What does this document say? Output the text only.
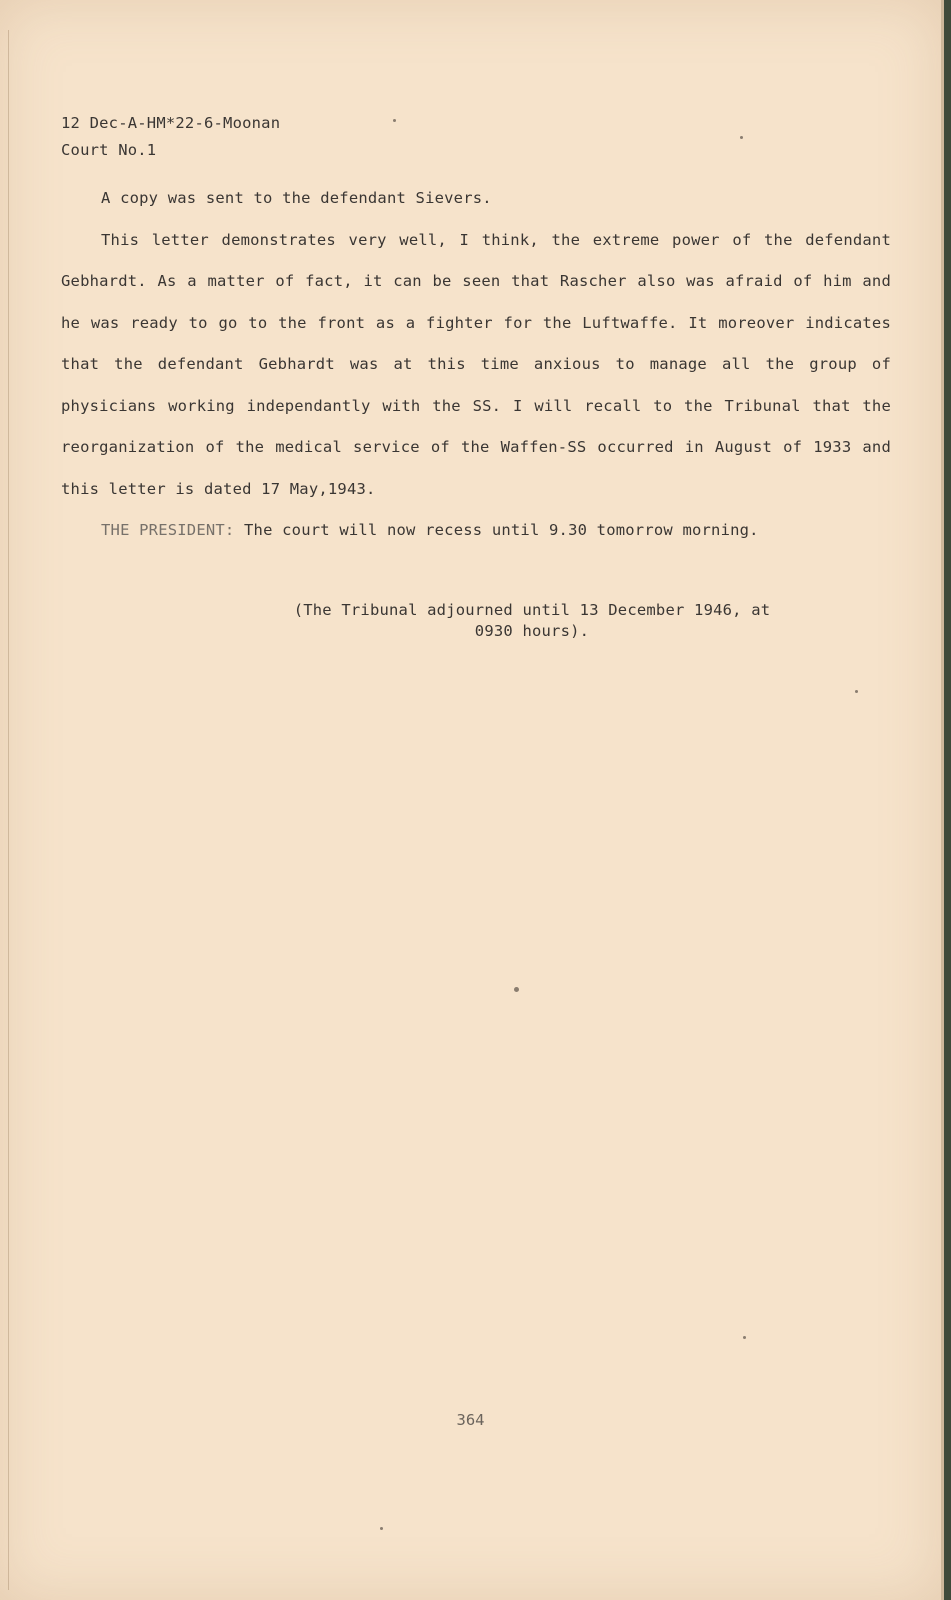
12 Dec-A-HM*22-6-Moonan
Court No.1

A copy was sent to the defendant Sievers.

This letter demonstrates very well, I think, the extreme power of the defendant Gebhardt. As a matter of fact, it can be seen that Rascher also was afraid of him and he was ready to go to the front as a fighter for the Luftwaffe. It moreover indicates that the defendant Gebhardt was at this time anxious to manage all the group of physicians working independantly with the SS. I will recall to the Tribunal that the reorganization of the medical service of the Waffen-SS occurred in August of 1933 and this letter is dated 17 May,1943.

THE PRESIDENT: The court will now recess until 9.30 tomorrow morning.

(The Tribunal adjourned until 13 December 1946, at
0930 hours).
364
